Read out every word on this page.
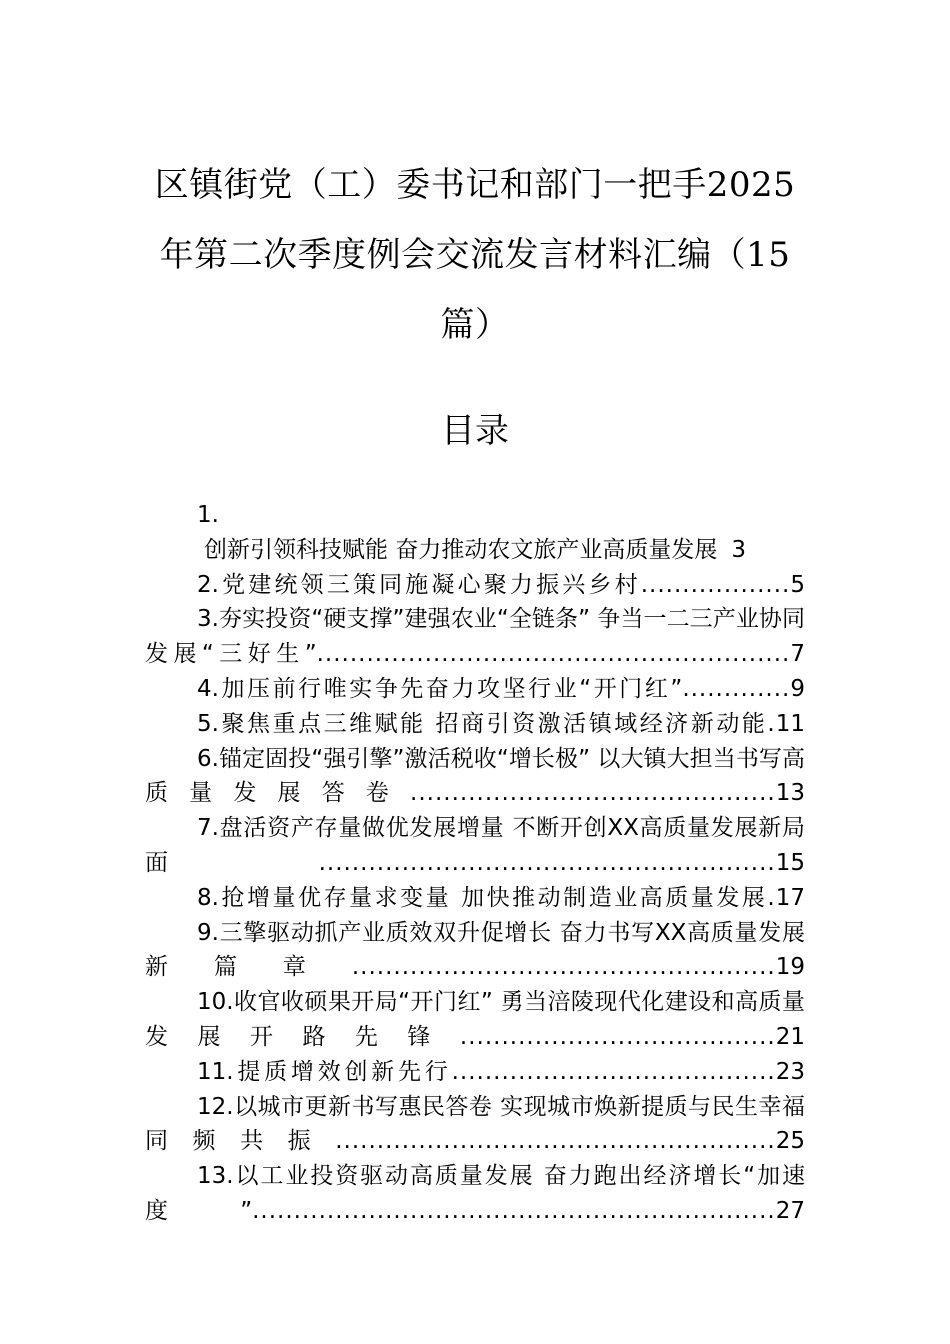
区镇街党（工）委书记和部门一把手2025
年第二次季度例会交流发言材料汇编（15
篇）
目录
1.
创新引领科技赋能 奋力推动农文旅产业高质量发展 3
2.党建统领三策同施凝心聚力振兴乡村..................5
3.夯实投资“硬支撑”建强农业“全链条” 争当一二三产业协同发展“三好生”.........................................................7
4.加压前行唯实争先奋力攻坚行业“开门红”.............9
5.聚焦重点三维赋能 招商引资激活镇域经济新动能.11
6.锚定固投“强引擎”激活税收“增长极” 以大镇大担当书写高质量发展答卷............................................13
7.盘活资产存量做优发展增量 不断开创XX高质量发展新局面.......................................................15
8.抢增量优存量求变量 加快推动制造业高质量发展.17
9.三擎驱动抓产业质效双升促增长 奋力书写XX高质量发展新篇章...................................................19
10.收官收硕果开局“开门红” 勇当涪陵现代化建设和高质量发展开路先锋......................................21
11.提质增效创新先行.......................................23
12.以城市更新书写惠民答卷 实现城市焕新提质与民生幸福同频共振.....................................................25
13.以工业投资驱动高质量发展 奋力跑出经济增长“加速度”...............................................................27
